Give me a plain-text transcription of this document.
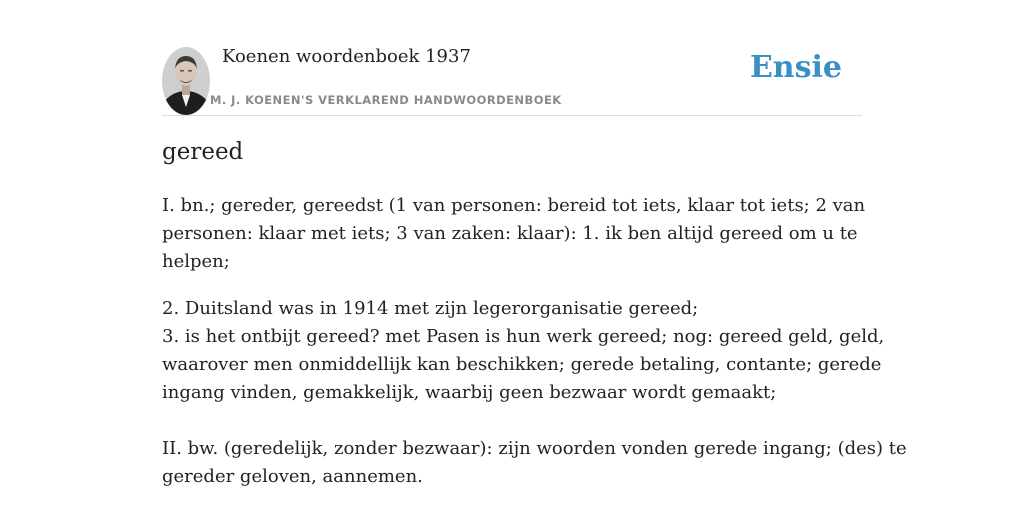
Koenen woordenboek 1937
M. J. KOENEN'S VERKLAREND HANDWOORDENBOEK
Ensie
gereed

I. bn.; gereder, gereedst (1 van personen: bereid tot iets, klaar tot iets; 2 van
personen: klaar met iets; 3 van zaken: klaar): 1. ik ben altijd gereed om u te
helpen;

2. Duitsland was in 1914 met zijn legerorganisatie gereed;
3. is het ontbijt gereed? met Pasen is hun werk gereed; nog: gereed geld, geld,
waarover men onmiddellijk kan beschikken; gerede betaling, contante; gerede
ingang vinden, gemakkelijk, waarbij geen bezwaar wordt gemaakt;

II. bw. (geredelijk, zonder bezwaar): zijn woorden vonden gerede ingang; (des) te
gereder geloven, aannemen.
